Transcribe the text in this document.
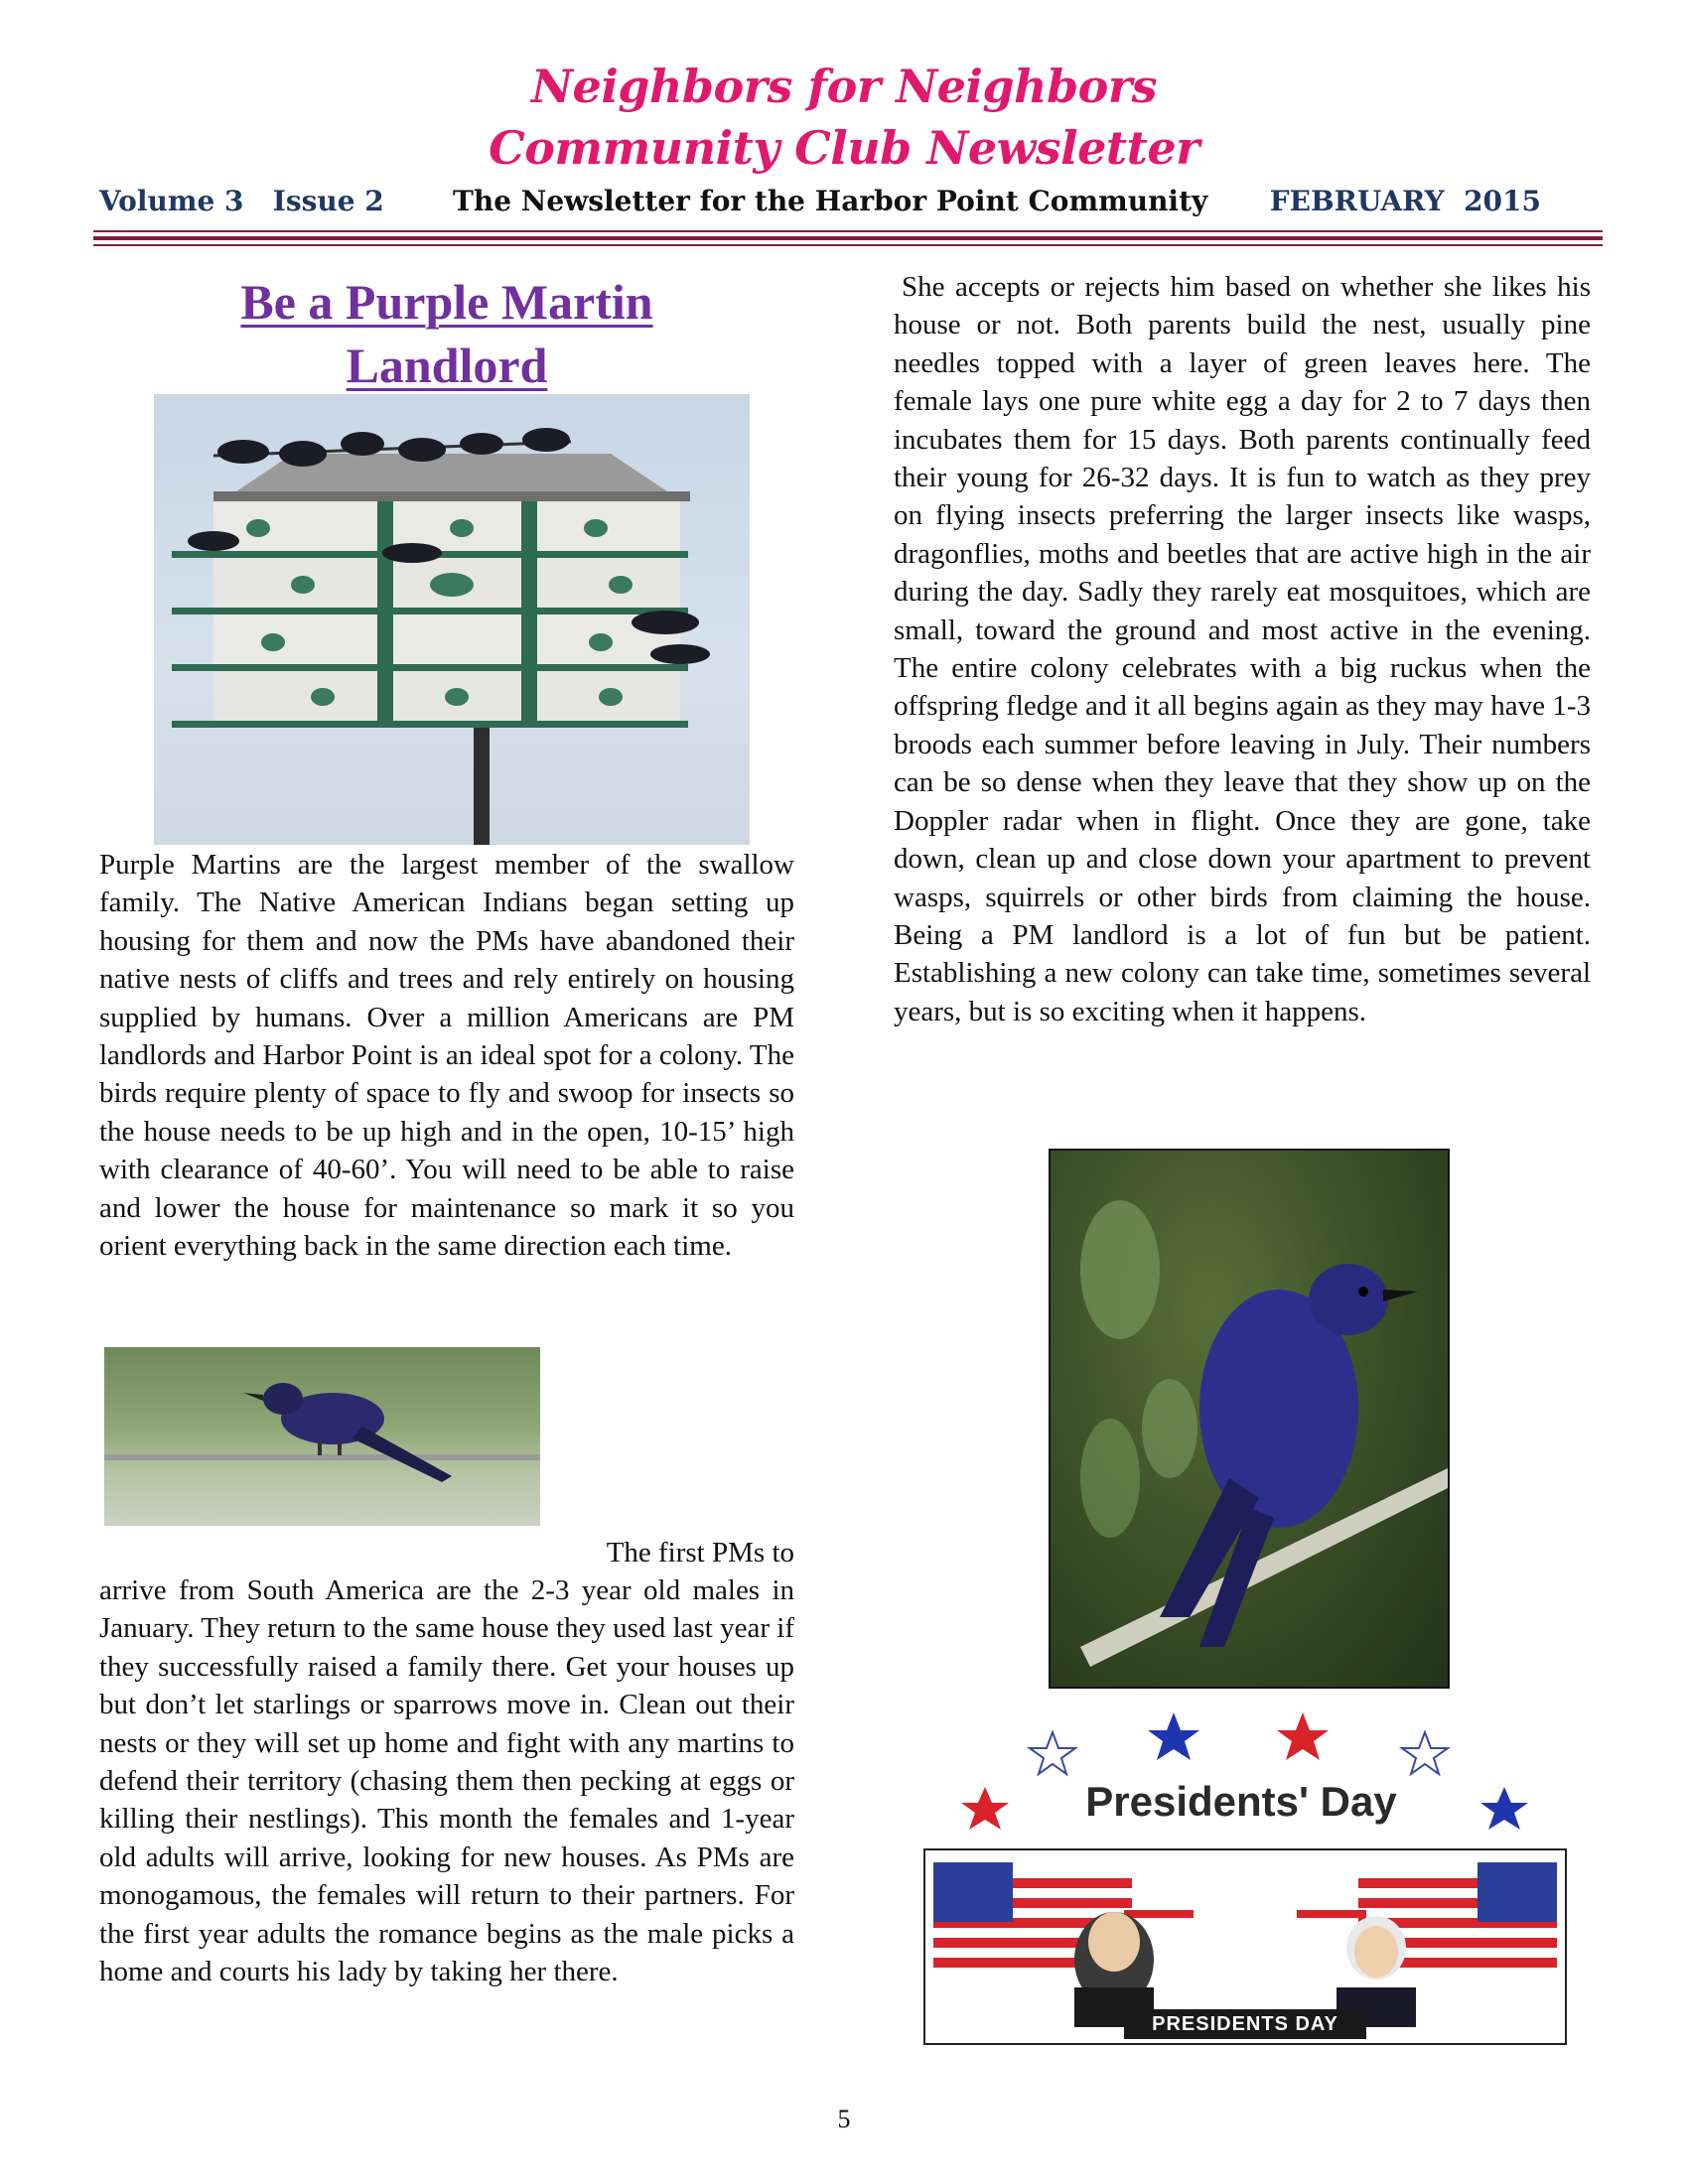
Neighbors for Neighbors

Community Club Newsletter

Volume 3   Issue 2 The Newsletter for the Harbor Point Community FEBRUARY  2015
Be a Purple Martin
Landlord

Purple Martins are the largest member of the swallow family. The Native American Indians began setting up housing for them and now the PMs have abandoned their native nests of cliffs and trees and rely entirely on housing supplied by humans. Over a million Americans are PM landlords and Harbor Point is an ideal spot for a colony. The birds require plenty of space to fly and swoop for insects so the house needs to be up high and in the open, 10-15’ high with clearance of 40-60’. You will need to be able to raise and lower the house for maintenance so mark it so you orient everything back in the same direction each time.

The first PMs to

arrive from South America are the 2-3 year old males in January. They return to the same house they used last year if they successfully raised a family there. Get your houses up but don’t let starlings or sparrows move in. Clean out their nests or they will set up home and fight with any martins to defend their territory (chasing them then pecking at eggs or killing their nestlings). This month the females and 1-year old adults will arrive, looking for new houses. As PMs are monogamous, the females will return to their partners. For the first year adults the romance begins as the male picks a home and courts his lady by taking her there.

She accepts or rejects him based on whether she likes his house or not. Both parents build the nest, usually pine needles topped with a layer of green leaves here. The female lays one pure white egg a day for 2 to 7 days then incubates them for 15 days. Both parents continually feed their young for 26-32 days. It is fun to watch as they prey on flying insects preferring the larger insects like wasps, dragonflies, moths and beetles that are active high in the air during the day. Sadly they rarely eat mosquitoes, which are small, toward the ground and most active in the evening. The entire colony celebrates with a big ruckus when the offspring fledge and it all begins again as they may have 1-3 broods each summer before leaving in July. Their numbers can be so dense when they leave that they show up on the Doppler radar when in flight. Once they are gone, take down, clean up and close down your apartment to prevent wasps, squirrels or other birds from claiming the house. Being a PM landlord is a lot of fun but be patient. Establishing a new colony can take time, sometimes several years, but is so exciting when it happens.

Presidents' Day
PRESIDENTS DAY
5
